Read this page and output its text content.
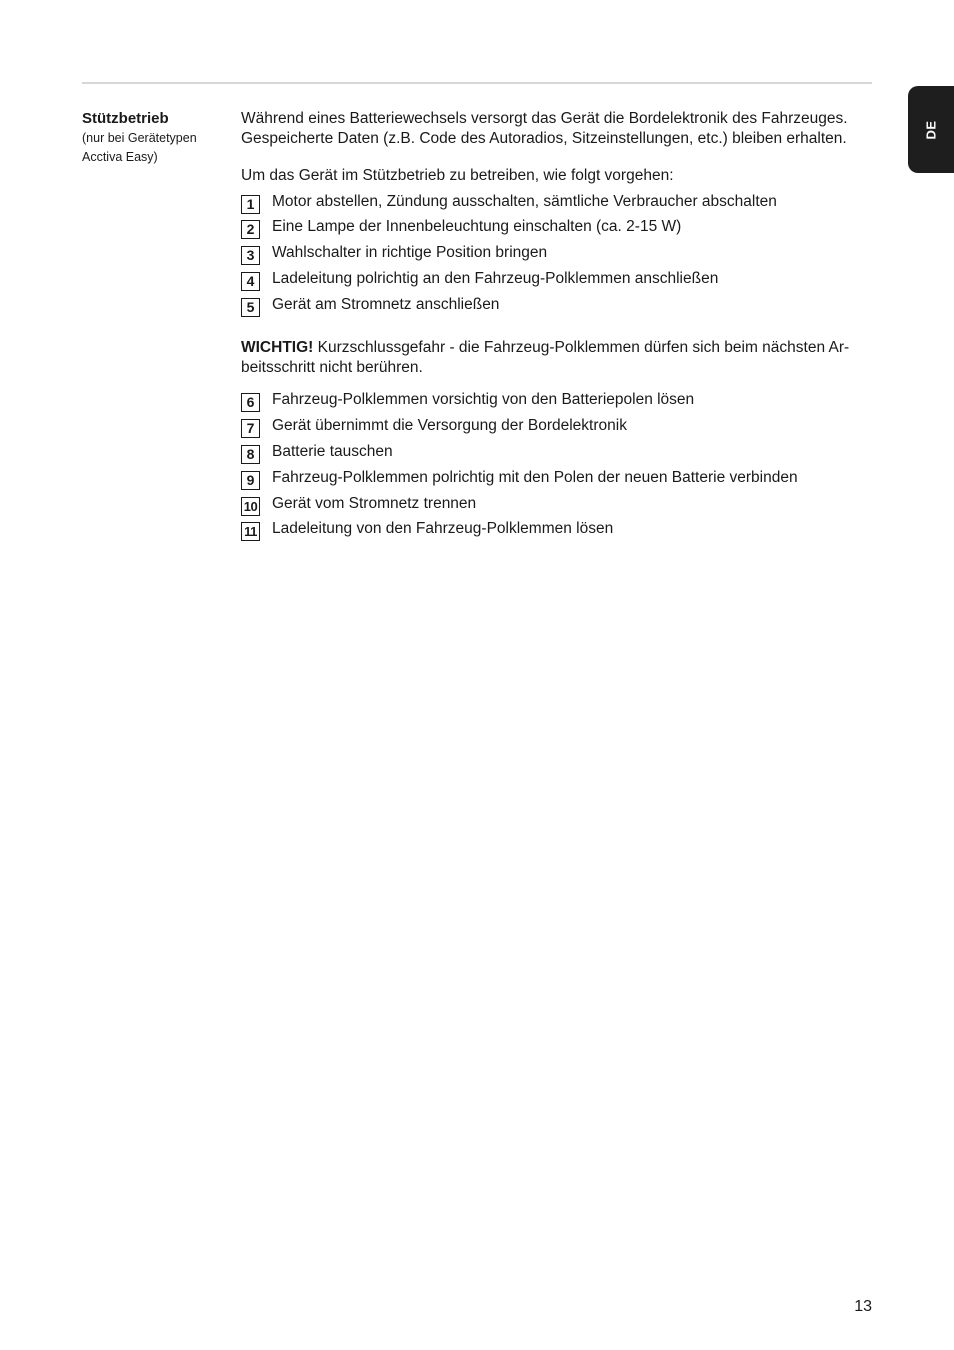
DE
Stützbetrieb
(nur bei Gerätetypen
Acctiva Easy)

Während eines Batteriewechsels versorgt das Gerät die Bordelektronik des Fahrzeuges. Gespeicherte Daten (z.B. Code des Autoradios, Sitzeinstellungen, etc.) bleiben erhalten.

Um das Gerät im Stützbetrieb zu betreiben, wie folgt vorgehen:

1	Motor abstellen, Zündung ausschalten, sämtliche Verbraucher abschalten
2	Eine Lampe der Innenbeleuchtung einschalten (ca. 2-15 W)
3	Wahlschalter in richtige Position bringen
4	Ladeleitung polrichtig an den Fahrzeug-Polklemmen anschließen
5	Gerät am Stromnetz anschließen

WICHTIG! Kurzschlussgefahr - die Fahrzeug-Polklemmen dürfen sich beim nächsten Ar-beitsschritt nicht berühren.

6	Fahrzeug-Polklemmen vorsichtig von den Batteriepolen lösen
7	Gerät übernimmt die Versorgung der Bordelektronik
8	Batterie tauschen
9	Fahrzeug-Polklemmen polrichtig mit den Polen der neuen Batterie verbinden
10 Gerät vom Stromnetz trennen
11 Ladeleitung von den Fahrzeug-Polklemmen lösen
13
